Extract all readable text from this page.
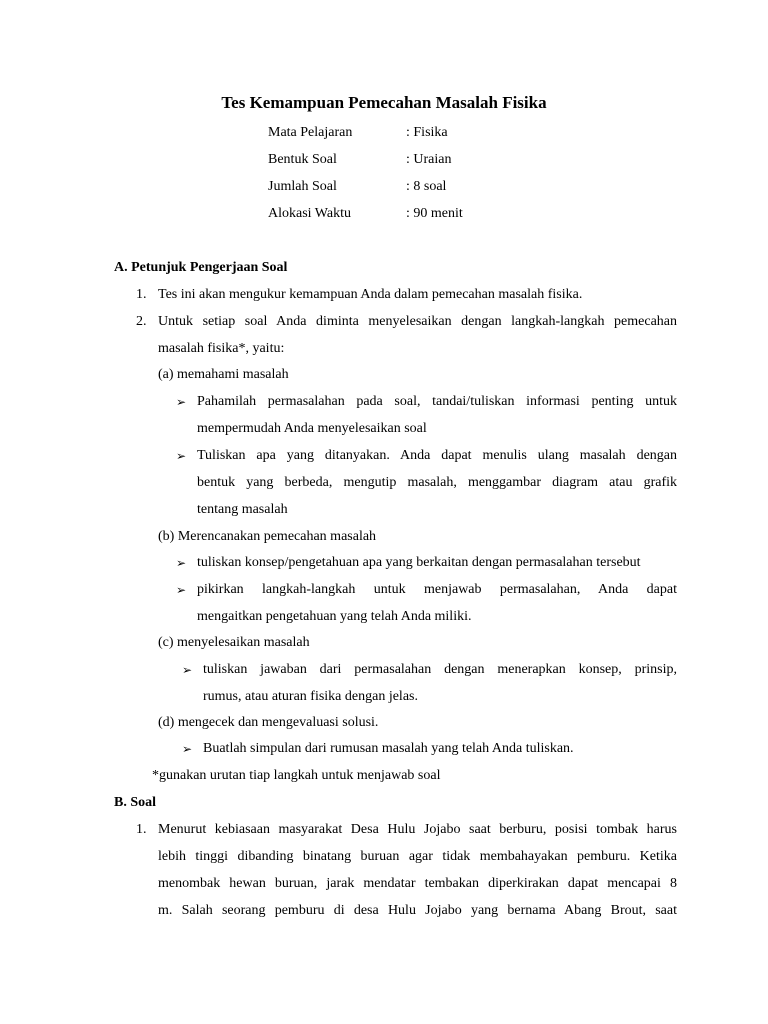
Tes Kemampuan Pemecahan Masalah Fisika
Mata Pelajaran	: Fisika
Bentuk Soal	: Uraian
Jumlah Soal	: 8 soal
Alokasi Waktu	: 90 menit
A. Petunjuk Pengerjaan Soal
1. Tes ini akan mengukur kemampuan Anda dalam pemecahan masalah fisika.
2. Untuk setiap soal Anda diminta menyelesaikan dengan langkah-langkah pemecahan
masalah fisika*, yaitu:
(a) memahami masalah
➢ Pahamilah permasalahan pada soal, tandai/tuliskan informasi penting untuk
mempermudah Anda menyelesaikan soal
➢ Tuliskan apa yang ditanyakan. Anda dapat menulis ulang masalah dengan
bentuk yang berbeda, mengutip masalah, menggambar diagram atau grafik
tentang masalah
(b) Merencanakan pemecahan masalah
➢ tuliskan konsep/pengetahuan apa yang berkaitan dengan permasalahan tersebut
➢ pikirkan langkah-langkah untuk menjawab permasalahan, Anda dapat
mengaitkan pengetahuan yang telah Anda miliki.
(c) menyelesaikan masalah
➢ tuliskan jawaban dari permasalahan dengan menerapkan konsep, prinsip,
rumus, atau aturan fisika dengan jelas.
(d) mengecek dan mengevaluasi solusi.
➢ Buatlah simpulan dari rumusan masalah yang telah Anda tuliskan.
*gunakan urutan tiap langkah untuk menjawab soal
B. Soal
1. Menurut kebiasaan masyarakat Desa Hulu Jojabo saat berburu, posisi tombak harus
lebih tinggi dibanding binatang buruan agar tidak membahayakan pemburu. Ketika
menombak hewan buruan, jarak mendatar tembakan diperkirakan dapat mencapai 8
m. Salah seorang pemburu di desa Hulu Jojabo yang bernama Abang Brout, saat
